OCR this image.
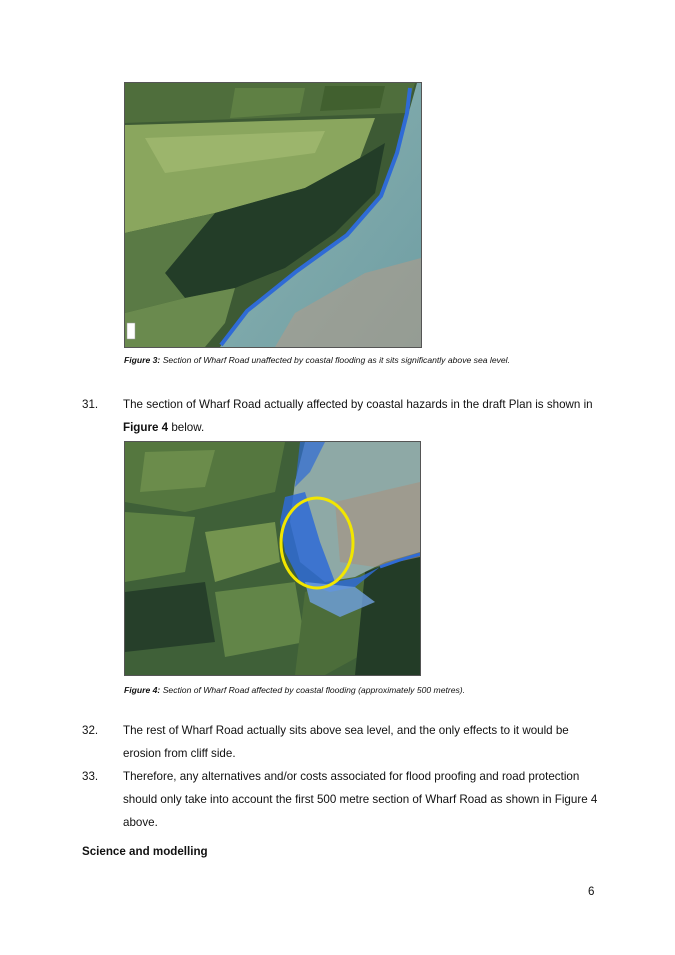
Figure 3: Section of Wharf Road unaffected by coastal flooding as it sits significantly above sea level.
31. The section of Wharf Road actually affected by coastal hazards in the draft Plan is shown in
Figure 4 below.
Figure 4: Section of Wharf Road affected by coastal flooding (approximately 500 metres).
32. The rest of Wharf Road actually sits above sea level, and the only effects to it would be
erosion from cliff side.
33. Therefore, any alternatives and/or costs associated for flood proofing and road protection
should only take into account the first 500 metre section of Wharf Road as shown in Figure 4
above.
Science and modelling
6
